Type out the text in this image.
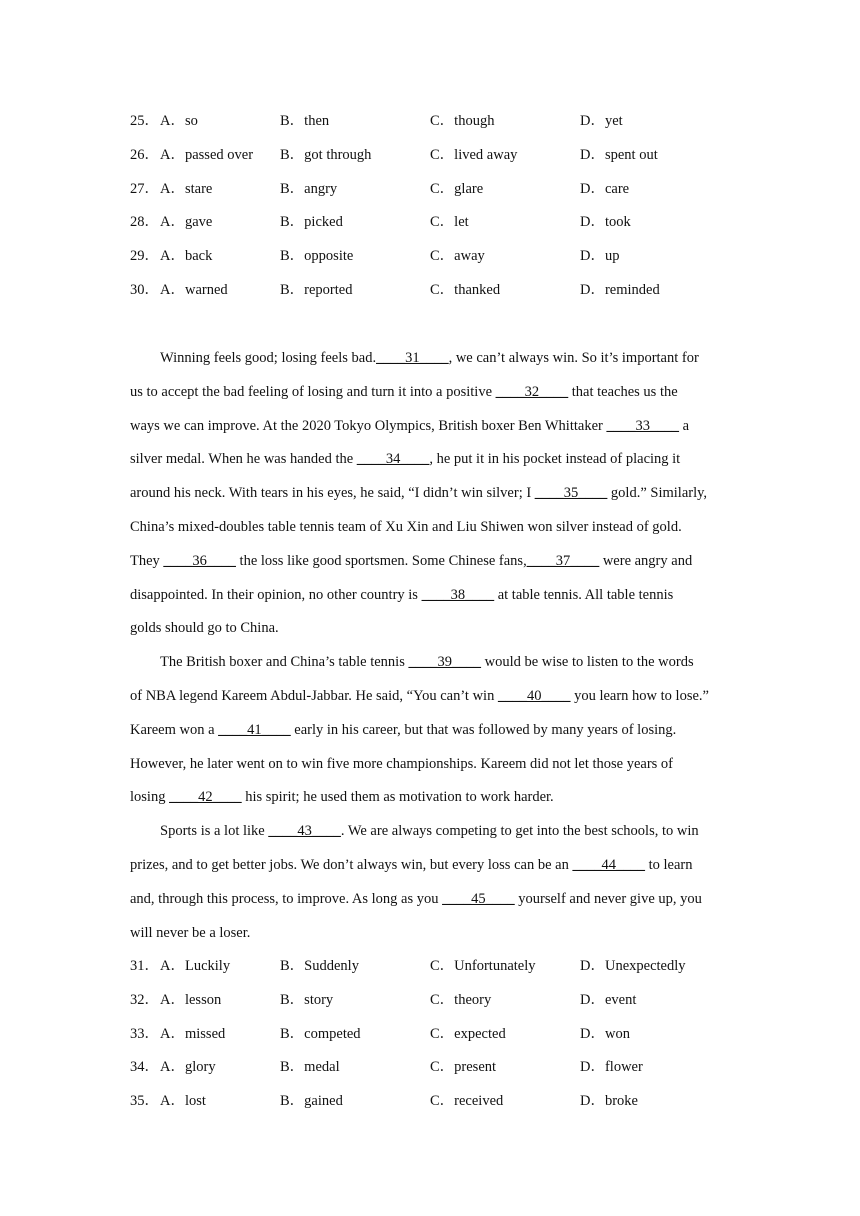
25． A．so	B．then	C．though	D．yet
26． A．passed over B．got through	C．lived away	D．spent out
27． A．stare	B．angry	C．glare	D．care
28． A．gave	B．picked	C．let	D．took
29． A．back	B．opposite	C．away	D．up
30． A．warned	B．reported	C．thanked	D．reminded
Winning feels good; losing feels bad.____31____, we can’t always win. So it’s important for
us to accept the bad feeling of losing and turn it into a positive ____32____ that teaches us the
ways we can improve. At the 2020 Tokyo Olympics, British boxer Ben Whittaker ____33____ a
silver medal. When he was handed the ____34____, he put it in his pocket instead of placing it
around his neck. With tears in his eyes, he said, “I didn’t win silver; I ____35____ gold.” Similarly,
China’s mixed-doubles table tennis team of Xu Xin and Liu Shiwen won silver instead of gold.
They ____36____ the loss like good sportsmen. Some Chinese fans,____37____ were angry and
disappointed. In their opinion, no other country is ____38____ at table tennis. All table tennis
golds should go to China.
The British boxer and China’s table tennis ____39____ would be wise to listen to the words
of NBA legend Kareem Abdul-Jabbar. He said, “You can’t win ____40____ you learn how to lose.”
Kareem won a ____41____ early in his career, but that was followed by many years of losing.
However, he later went on to win five more championships. Kareem did not let those years of
losing ____42____ his spirit; he used them as motivation to work harder.
Sports is a lot like ____43____. We are always competing to get into the best schools, to win
prizes, and to get better jobs. We don’t always win, but every loss can be an ____44____ to learn
and, through this process, to improve. As long as you ____45____ yourself and never give up, you
will never be a loser.
31． A．Luckily	B．Suddenly	C．Unfortunately	D．Unexpectedly
32． A．lesson	B．story	C．theory	D．event
33． A．missed	B．competed	C．expected	D．won
34． A．glory	B．medal	C．present	D．flower
35． A．lost	B．gained	C．received	D．broke
